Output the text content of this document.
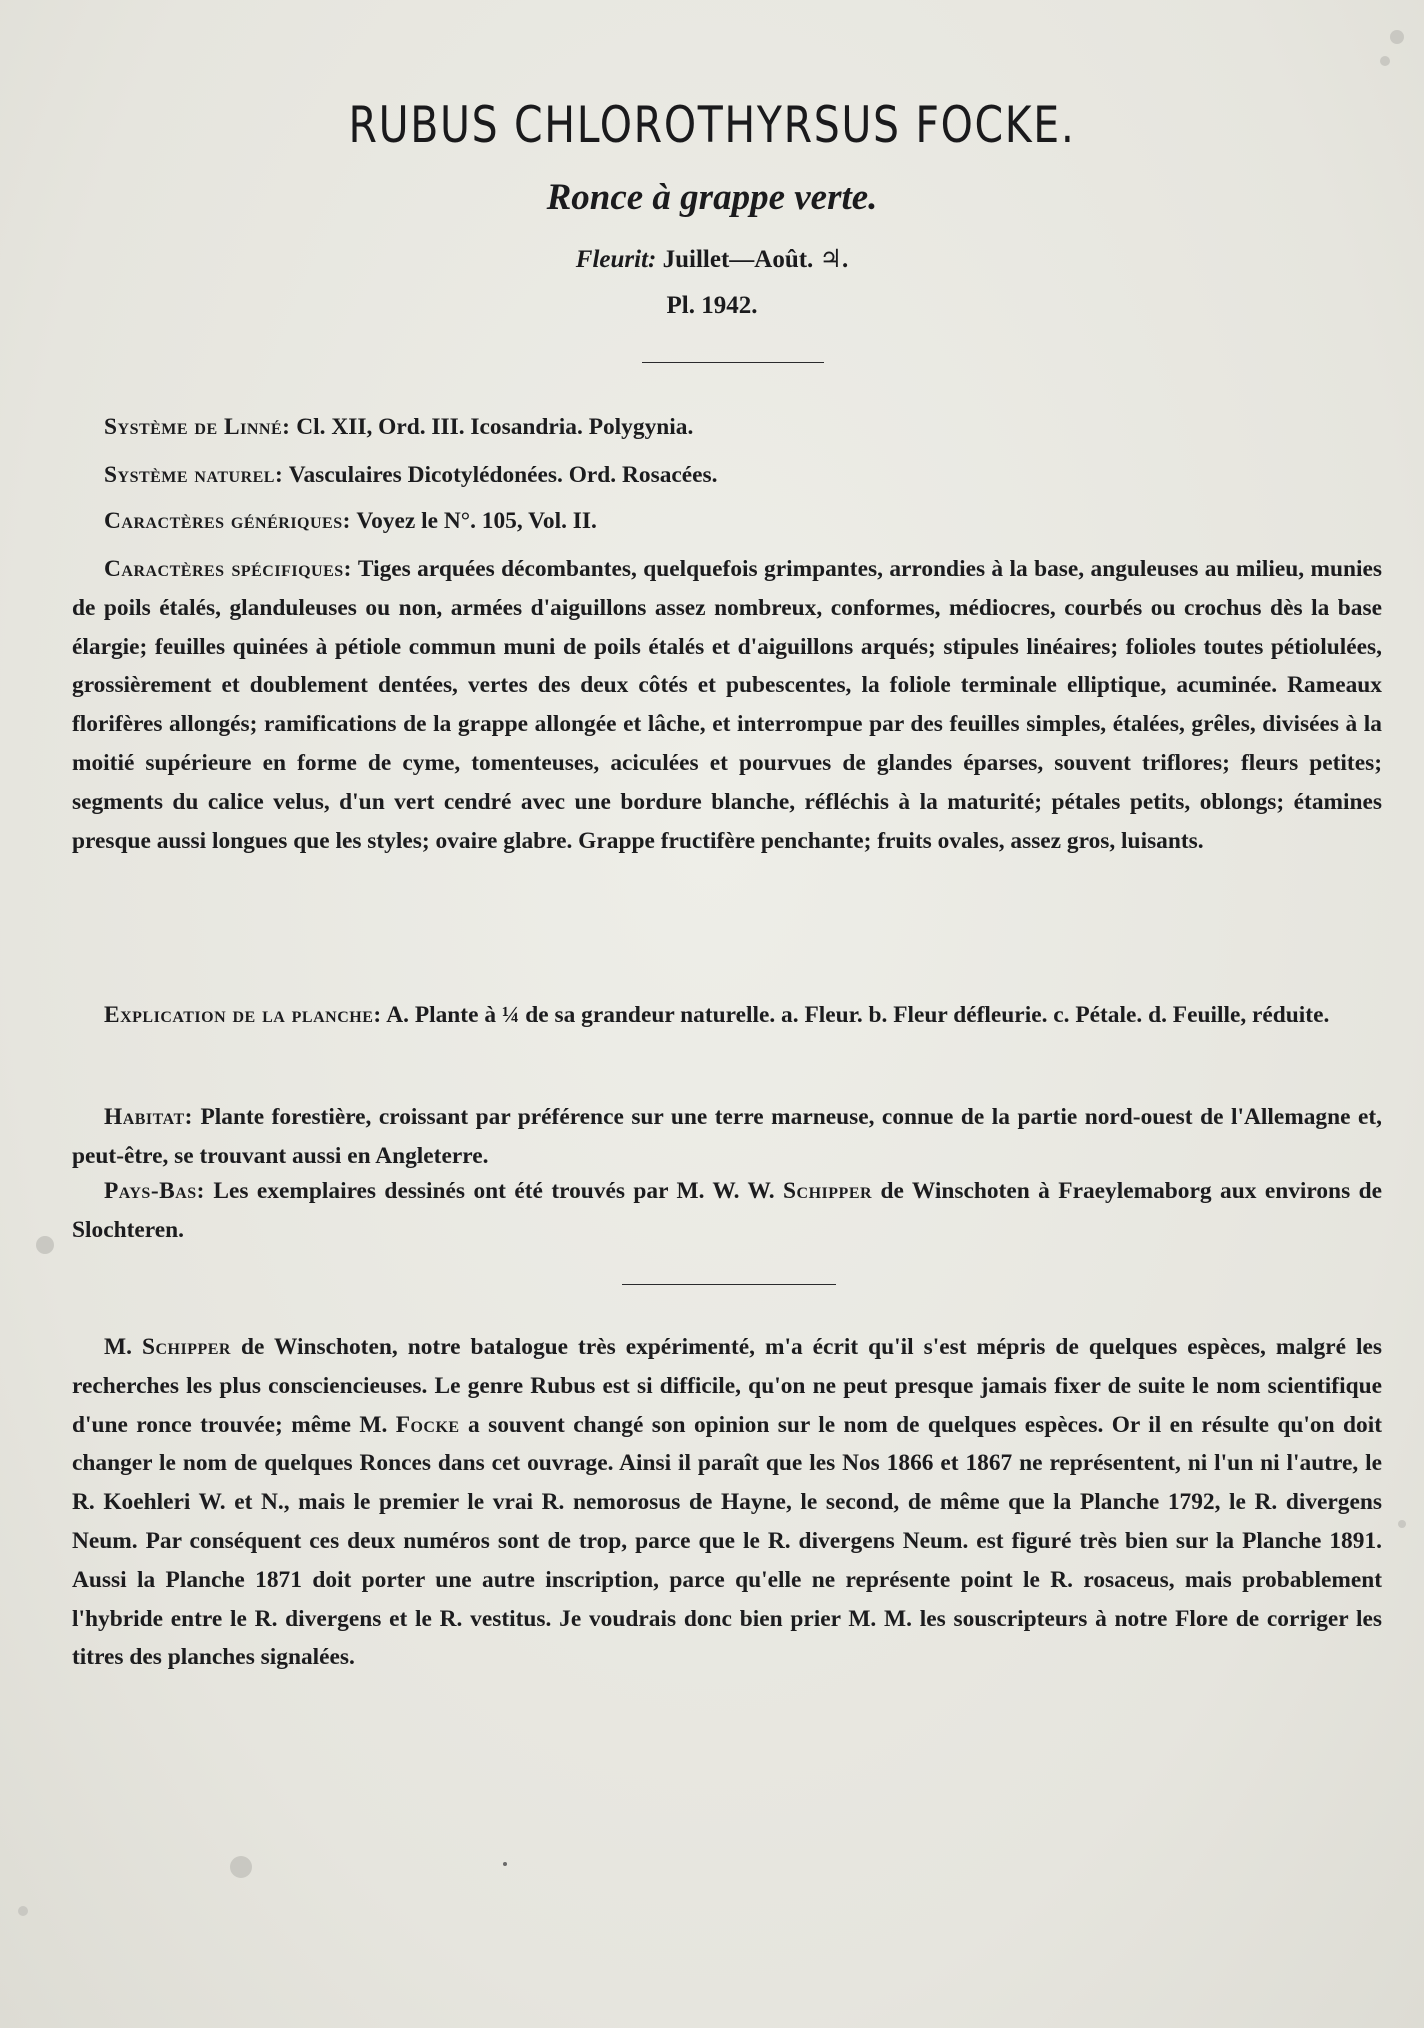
RUBUS CHLOROTHYRSUS FOCKE.
Ronce à grappe verte.
Fleurit: Juillet—Août. ♃.
Pl. 1942.

Système de Linné: Cl. XII, Ord. III. Icosandria. Polygynia.

Système naturel: Vasculaires Dicotylédonées. Ord. Rosacées.

Caractères génériques: Voyez le N°. 105, Vol. II.

Caractères spécifiques: Tiges arquées décombantes, quelquefois grimpantes, arrondies à la base, anguleuses au milieu, munies de poils étalés, glanduleuses ou non, armées d'aiguillons assez nombreux, conformes, médiocres, courbés ou crochus dès la base élargie; feuilles quinées à pétiole commun muni de poils étalés et d'aiguillons arqués; stipules linéaires; folioles toutes pétiolulées, grossièrement et doublement dentées, vertes des deux côtés et pubescentes, la foliole terminale elliptique, acuminée. Rameaux florifères allongés; ramifications de la grappe allongée et lâche, et interrompue par des feuilles simples, étalées, grêles, divisées à la moitié supérieure en forme de cyme, tomenteuses, aciculées et pourvues de glandes éparses, souvent triflores; fleurs petites; segments du calice velus, d'un vert cendré avec une bordure blanche, réfléchis à la maturité; pétales petits, oblongs; étamines presque aussi longues que les styles; ovaire glabre. Grappe fructifère penchante; fruits ovales, assez gros, luisants.

Explication de la planche: A. Plante à ¼ de sa grandeur naturelle. a. Fleur. b. Fleur défleurie. c. Pétale. d. Feuille, réduite.

Habitat: Plante forestière, croissant par préférence sur une terre marneuse, connue de la partie nord-ouest de l'Allemagne et, peut-être, se trouvant aussi en Angleterre.

Pays-Bas: Les exemplaires dessinés ont été trouvés par M. W. W. Schipper de Winschoten à Fraeylemaborg aux environs de Slochteren.

M. Schipper de Winschoten, notre batalogue très expérimenté, m'a écrit qu'il s'est mépris de quelques espèces, malgré les recherches les plus consciencieuses. Le genre Rubus est si difficile, qu'on ne peut presque jamais fixer de suite le nom scientifique d'une ronce trouvée; même M. Focke a souvent changé son opinion sur le nom de quelques espèces. Or il en résulte qu'on doit changer le nom de quelques Ronces dans cet ouvrage. Ainsi il paraît que les Nos 1866 et 1867 ne représentent, ni l'un ni l'autre, le R. Koehleri W. et N., mais le premier le vrai R. nemorosus de Hayne, le second, de même que la Planche 1792, le R. divergens Neum. Par conséquent ces deux numéros sont de trop, parce que le R. divergens Neum. est figuré très bien sur la Planche 1891. Aussi la Planche 1871 doit porter une autre inscription, parce qu'elle ne représente point le R. rosaceus, mais probablement l'hybride entre le R. divergens et le R. vestitus. Je voudrais donc bien prier M. M. les souscripteurs à notre Flore de corriger les titres des planches signalées.
